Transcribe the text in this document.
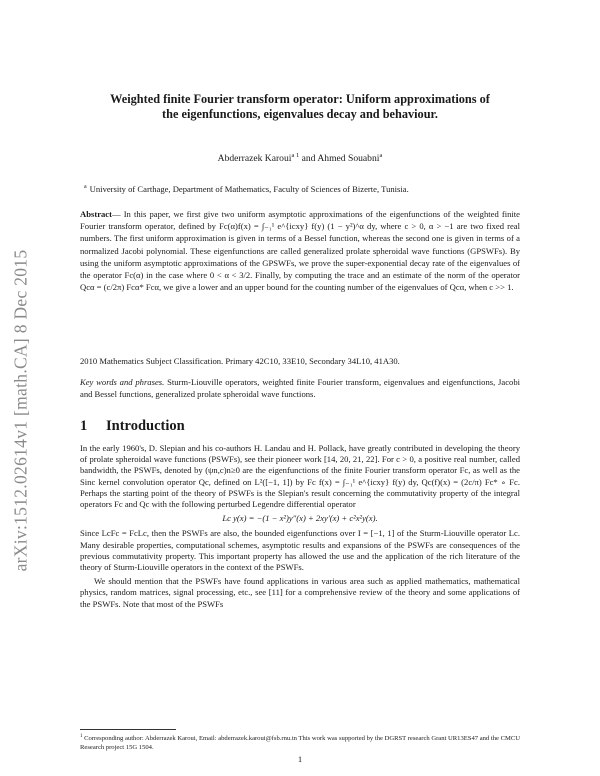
arXiv:1512.02614v1 [math.CA] 8 Dec 2015
Weighted finite Fourier transform operator: Uniform approximations of
the eigenfunctions, eigenvalues decay and behaviour.
Abderrazek Karoui$^{a 1}$ and Ahmed Souabni$^a$
$^a$ University of Carthage, Department of Mathematics, Faculty of Sciences of Bizerte, Tunisia.
Abstract— In this paper, we first give two uniform asymptotic approximations of the eigenfunctions of the weighted finite Fourier transform operator, defined by Fc(α)f(x) = ∫₋₁¹ e^{icxy} f(y) (1 − y²)^α dy, where c > 0, α > −1 are two fixed real numbers. The first uniform approximation is given in terms of a Bessel function, whereas the second one is given in terms of a normalized Jacobi polynomial. These eigenfunctions are called generalized prolate spheroidal wave functions (GPSWFs). By using the uniform asymptotic approximations of the GPSWFs, we prove the super-exponential decay rate of the eigenvalues of the operator Fc(α) in the case where 0 < α < 3/2. Finally, by computing the trace and an estimate of the norm of the operator Qcα = (c/2π) Fcα* Fcα, we give a lower and an upper bound for the counting number of the eigenvalues of Qcα, when c >> 1.
2010 Mathematics Subject Classification. Primary 42C10, 33E10, Secondary 34L10, 41A30.
Key words and phrases. Sturm-Liouville operators, weighted finite Fourier transform, eigenvalues and eigenfunctions, Jacobi and Bessel functions, generalized prolate spheroidal wave functions.
1 Introduction

In the early 1960's, D. Slepian and his co-authors H. Landau and H. Pollack, have greatly contributed in developing the theory of prolate spheroidal wave functions (PSWFs), see their pioneer work [14, 20, 21, 22]. For c > 0, a positive real number, called bandwidth, the PSWFs, denoted by (ψn,c)n≥0 are the eigenfunctions of the finite Fourier transform operator Fc, as well as the Sinc kernel convolution operator Qc, defined on L²([−1, 1]) by Fc f(x) = ∫₋₁¹ e^{icxy} f(y) dy, Qc(f)(x) = (2c/π) Fc* ∘ Fc. Perhaps the starting point of the theory of PSWFs is the Slepian's result concerning the commutativity property of the integral operators Fc and Qc with the following perturbed Legendre differential operator

Lc y(x) = −(1 − x²)y″(x) + 2xy′(x) + c²x²y(x).

Since LcFc = FcLc, then the PSWFs are also, the bounded eigenfunctions over I = [−1, 1] of the Sturm-Liouville operator Lc. Many desirable properties, computational schemes, asymptotic results and expansions of the PSWFs are consequences of the previous commutativity property. This important property has allowed the use and the application of the rich literature of the theory of Sturm-Liouville operators in the context of the PSWFs.

We should mention that the PSWFs have found applications in various area such as applied mathematics, mathematical physics, random matrices, signal processing, etc., see [11] for a comprehensive review of the theory and some applications of the PSWFs. Note that most of the PSWFs

$^1$ Corresponding author: Abderrazek Karoui, Email: abderrazek.karoui@fsb.rnu.tn This work was supported by the DGRST research Grant UR13ES47 and the CMCU Research project 15G 1504.
1
